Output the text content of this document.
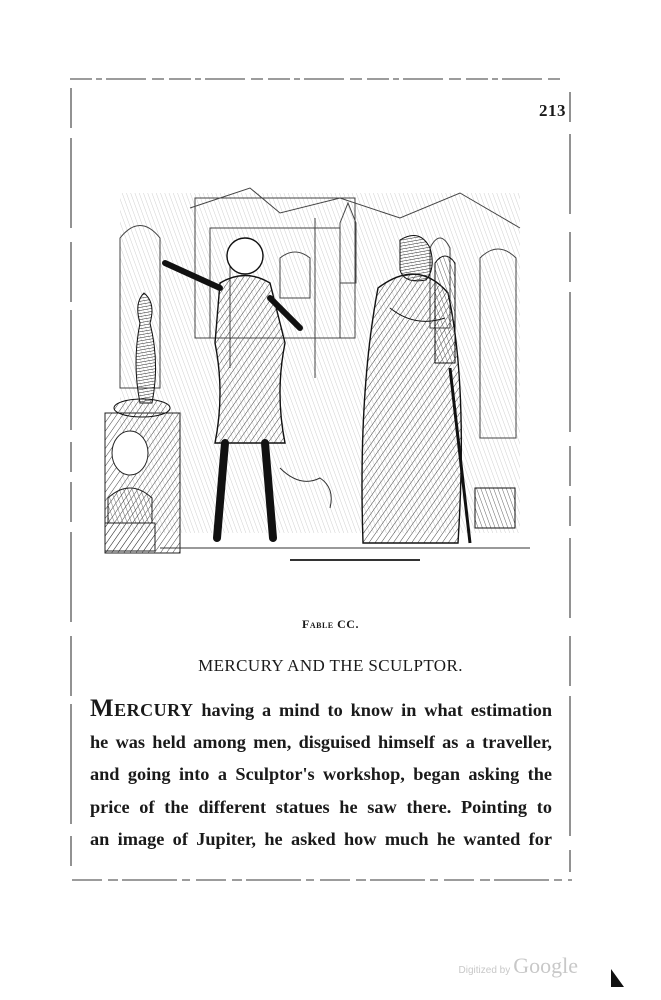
213
Fable CC.
MERCURY AND THE SCULPTOR.
Mercury having a mind to know in what estimation
he was held among men, disguised himself as a traveller,
and going into a Sculptor's workshop, began asking the
price of the different statues he saw there. Pointing to
an image of Jupiter, he asked how much he wanted for
Digitized by Google
